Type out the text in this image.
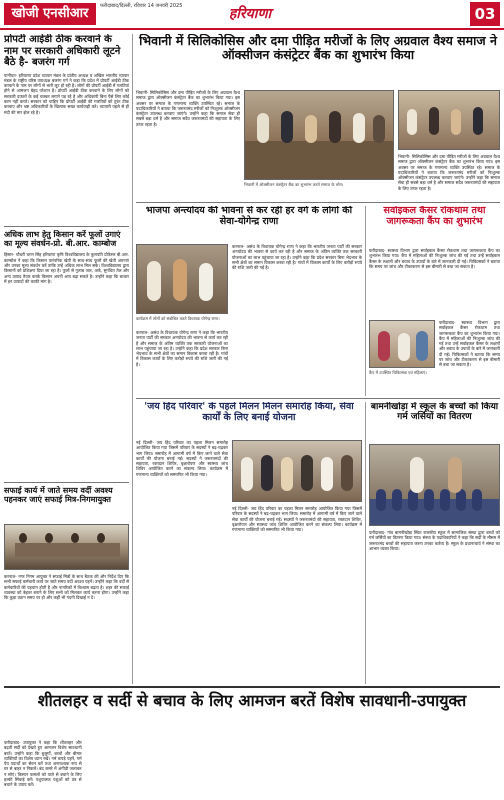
खोजी एनसीआर	फरीदाबाद/दिल्ली, रविवार 14 जनवरी 2025	हरियाणा	03
प्रोपर्टी आईडी ठीक करवाने के नाम पर सरकारी अधिकारी लूटने बैठे है- बजरंग गर्ग
पानीपत- हरियाणा प्रदेश व्यापार मंडल के प्रांतीय अध्यक्ष व अखिल भारतीय व्यापार मंडल के राष्ट्रीय वरिष्ठ उपाध्यक्ष बजरंग गर्ग ने कहा कि प्रदेश में प्रोपर्टी आईडी ठीक करवाने के नाम पर लोगों से भारी लूट हो रही है। लोगों की प्रोपर्टी आईडी में गलतियां होने से आमजन बेहद परेशान है। प्रोपर्टी आईडी ठीक करवाने के लिए लोगों को सरकारी दफ्तरों के कई चक्कर लगाने पड़ रहे है और अधिकारी बिना पैसे लिए कोई काम नहीं करते। सरकार को चाहिए कि प्रोपर्टी आईडी की गलतियों को तुरंत ठीक करवाए और भ्रष्ट अधिकारियों के खिलाफ सख्त कार्यवाही करे। व्यापारी पहले से ही मंदी की मार झेल रहे है।
अधिक लाभ हेतु किसान करें फूलों उगाएं का मूल्य संवर्धन-प्रो. बी.आर. काम्बोज
हिसार- चौधरी चरण सिंह हरियाणा कृषि विश्वविद्यालय के कुलपति प्रोफेसर बी.आर. काम्बोज ने कहा कि किसान पारंपरिक खेती के साथ-साथ फूलों की खेती अपनाएं और उनका मूल्य संवर्धन करें ताकि उन्हें अधिक लाभ मिल सके। विश्वविद्यालय द्वारा किसानों को प्रशिक्षण दिया जा रहा है। फूलों से गुलाब जल, अर्क, सुगंधित तेल और अन्य उत्पाद तैयार करके किसान अपनी आय बढ़ा सकते है। उन्होंने कहा कि बाजार में इन उत्पादों की काफी मांग है।
सफाई कार्य में जाते समय वर्दी अवश्य पहनकर जाएं सफाई मित्र-निगमायुक्त
करनाल- नगर निगम आयुक्त ने सफाई मित्रों के साथ बैठक की और निर्देश दिए कि सभी सफाई कर्मचारी कार्य पर जाते समय वर्दी अवश्य पहनें। उन्होंने कहा कि वर्दी से कर्मचारियों की पहचान होती है और नागरिकों में विश्वास बढ़ता है। शहर की सफाई व्यवस्था को बेहतर बनाने के लिए सभी को मिलकर कार्य करना होगा। उन्होंने कहा कि कूड़ा उठान समय पर हो और कहीं भी गंदगी दिखाई न दे।
भिवानी में सिलिकोसिस और दमा पीड़ित मरीजों के लिए अग्रवाल वैश्य समाज ने ऑक्सीजन कंसंट्रेटर बैंक का शुभारंभ किया
भिवानी- सिलिकोसिस और दमा पीड़ित मरीजों के लिए अग्रवाल वैश्य समाज द्वारा ऑक्सीजन कंसंट्रेटर बैंक का शुभारंभ किया गया। इस अवसर पर समाज के गणमान्य व्यक्ति उपस्थित रहे। समाज के पदाधिकारियों ने बताया कि जरूरतमंद मरीजों को निःशुल्क ऑक्सीजन कंसंट्रेटर उपलब्ध करवाए जाएंगे। उन्होंने कहा कि समाज सेवा ही सबसे बड़ा धर्म है और समाज सदैव जरूरतमंदों की सहायता के लिए तत्पर रहता है।
भिवानी में ऑक्सीजन कंसंट्रेटर बैंक का शुभारंभ करते समाज के लोग।
भिवानी- सिलिकोसिस और दमा पीड़ित मरीजों के लिए अग्रवाल वैश्य समाज द्वारा ऑक्सीजन कंसंट्रेटर बैंक का शुभारंभ किया गया। इस अवसर पर समाज के गणमान्य व्यक्ति उपस्थित रहे। समाज के पदाधिकारियों ने बताया कि जरूरतमंद मरीजों को निःशुल्क ऑक्सीजन कंसंट्रेटर उपलब्ध करवाए जाएंगे। उन्होंने कहा कि समाज सेवा ही सबसे बड़ा धर्म है और समाज सदैव जरूरतमंदों की सहायता के लिए तत्पर रहता है।
भाजपा अन्त्योदय की भावना से कर रही हर वर्ग के लोगों की सेवा-योगेन्द्र राणा
कार्यक्रम में लोगों को संबोधित करते विधायक योगेन्द्र राणा।
करनाल- असंध के विधायक योगेन्द्र राणा ने कहा कि भारतीय जनता पार्टी की सरकार अन्त्योदय की भावना से कार्य कर रही है और समाज के अंतिम व्यक्ति तक सरकारी योजनाओं का लाभ पहुंचाया जा रहा है। उन्होंने कहा कि प्रदेश सरकार बिना भेदभाव के सभी क्षेत्रों का समान विकास करवा रही है। गांवों में विकास कार्यों के लिए करोड़ों रुपये की राशि जारी की गई है।
करनाल- असंध के विधायक योगेन्द्र राणा ने कहा कि भारतीय जनता पार्टी की सरकार अन्त्योदय की भावना से कार्य कर रही है और समाज के अंतिम व्यक्ति तक सरकारी योजनाओं का लाभ पहुंचाया जा रहा है। उन्होंने कहा कि प्रदेश सरकार बिना भेदभाव के सभी क्षेत्रों का समान विकास करवा रही है। गांवों में विकास कार्यों के लिए करोड़ों रुपये की राशि जारी की गई है।
सर्वाइकल कैंसर रोकथाम तथा जागरूकता कैंप का शुभारंभ
फरीदाबाद- स्वास्थ्य विभाग द्वारा सर्वाइकल कैंसर रोकथाम तथा जागरूकता कैंप का शुभारंभ किया गया। कैंप में महिलाओं की निःशुल्क जांच की गई तथा उन्हें सर्वाइकल कैंसर के लक्षणों और बचाव के उपायों के बारे में जानकारी दी गई। चिकित्सकों ने बताया कि समय पर जांच और टीकाकरण से इस बीमारी से बचा जा सकता है।
कैंप में उपस्थित चिकित्सक एवं महिलाएं।
फरीदाबाद- स्वास्थ्य विभाग द्वारा सर्वाइकल कैंसर रोकथाम तथा जागरूकता कैंप का शुभारंभ किया गया। कैंप में महिलाओं की निःशुल्क जांच की गई तथा उन्हें सर्वाइकल कैंसर के लक्षणों और बचाव के उपायों के बारे में जानकारी दी गई। चिकित्सकों ने बताया कि समय पर जांच और टीकाकरण से इस बीमारी से बचा जा सकता है।
'जय हिंद परिवार' के पहले मिलन मिलन समारोह किया, सेवा कार्यों के लिए बनाई योजना
नई दिल्ली- जय हिंद परिवार का पहला मिलन समारोह आयोजित किया गया जिसमें परिवार के सदस्यों ने बढ़-चढ़कर भाग लिया। समारोह में आगामी वर्ष में किए जाने वाले सेवा कार्यों की योजना बनाई गई। सदस्यों ने जरूरतमंदों की सहायता, रक्तदान शिविर, वृक्षारोपण और स्वास्थ्य जांच शिविर आयोजित करने का संकल्प लिया। कार्यक्रम में गणमान्य व्यक्तियों को सम्मानित भी किया गया।
नई दिल्ली- जय हिंद परिवार का पहला मिलन समारोह आयोजित किया गया जिसमें परिवार के सदस्यों ने बढ़-चढ़कर भाग लिया। समारोह में आगामी वर्ष में किए जाने वाले सेवा कार्यों की योजना बनाई गई। सदस्यों ने जरूरतमंदों की सहायता, रक्तदान शिविर, वृक्षारोपण और स्वास्थ्य जांच शिविर आयोजित करने का संकल्प लिया। कार्यक्रम में गणमान्य व्यक्तियों को सम्मानित भी किया गया।
बामनीखोड़ा में स्कूल के बच्चों को किया गर्म जर्सियों का वितरण
फरीदाबाद- गांव बामनीखोड़ा स्थित राजकीय स्कूल में सामाजिक संस्था द्वारा बच्चों को गर्म जर्सियों का वितरण किया गया। संस्था के पदाधिकारियों ने कहा कि सर्दी के मौसम में जरूरतमंद बच्चों की सहायता करना उनका कर्तव्य है। स्कूल के प्रधानाचार्य ने संस्था का आभार व्यक्त किया।
शीतलहर व सर्दी से बचाव के लिए आमजन बरतें विशेष सावधानी-उपायुक्त
फरीदाबाद- उपायुक्त ने कहा कि शीतलहर और बढ़ती सर्दी को देखते हुए आमजन विशेष सावधानी बरतें। उन्होंने कहा कि बुजुर्गों, बच्चों और बीमार व्यक्तियों का विशेष ध्यान रखें। गर्म कपड़े पहनें, गर्म पेय पदार्थों का सेवन करें तथा अनावश्यक रूप से घर से बाहर न निकलें। बंद कमरे में अंगीठी जलाकर न सोएं। किसान फसलों को पाले से बचाने के लिए हल्की सिंचाई करें। पशुपालक पशुओं को ठंड से बचाने के उपाय करें।
